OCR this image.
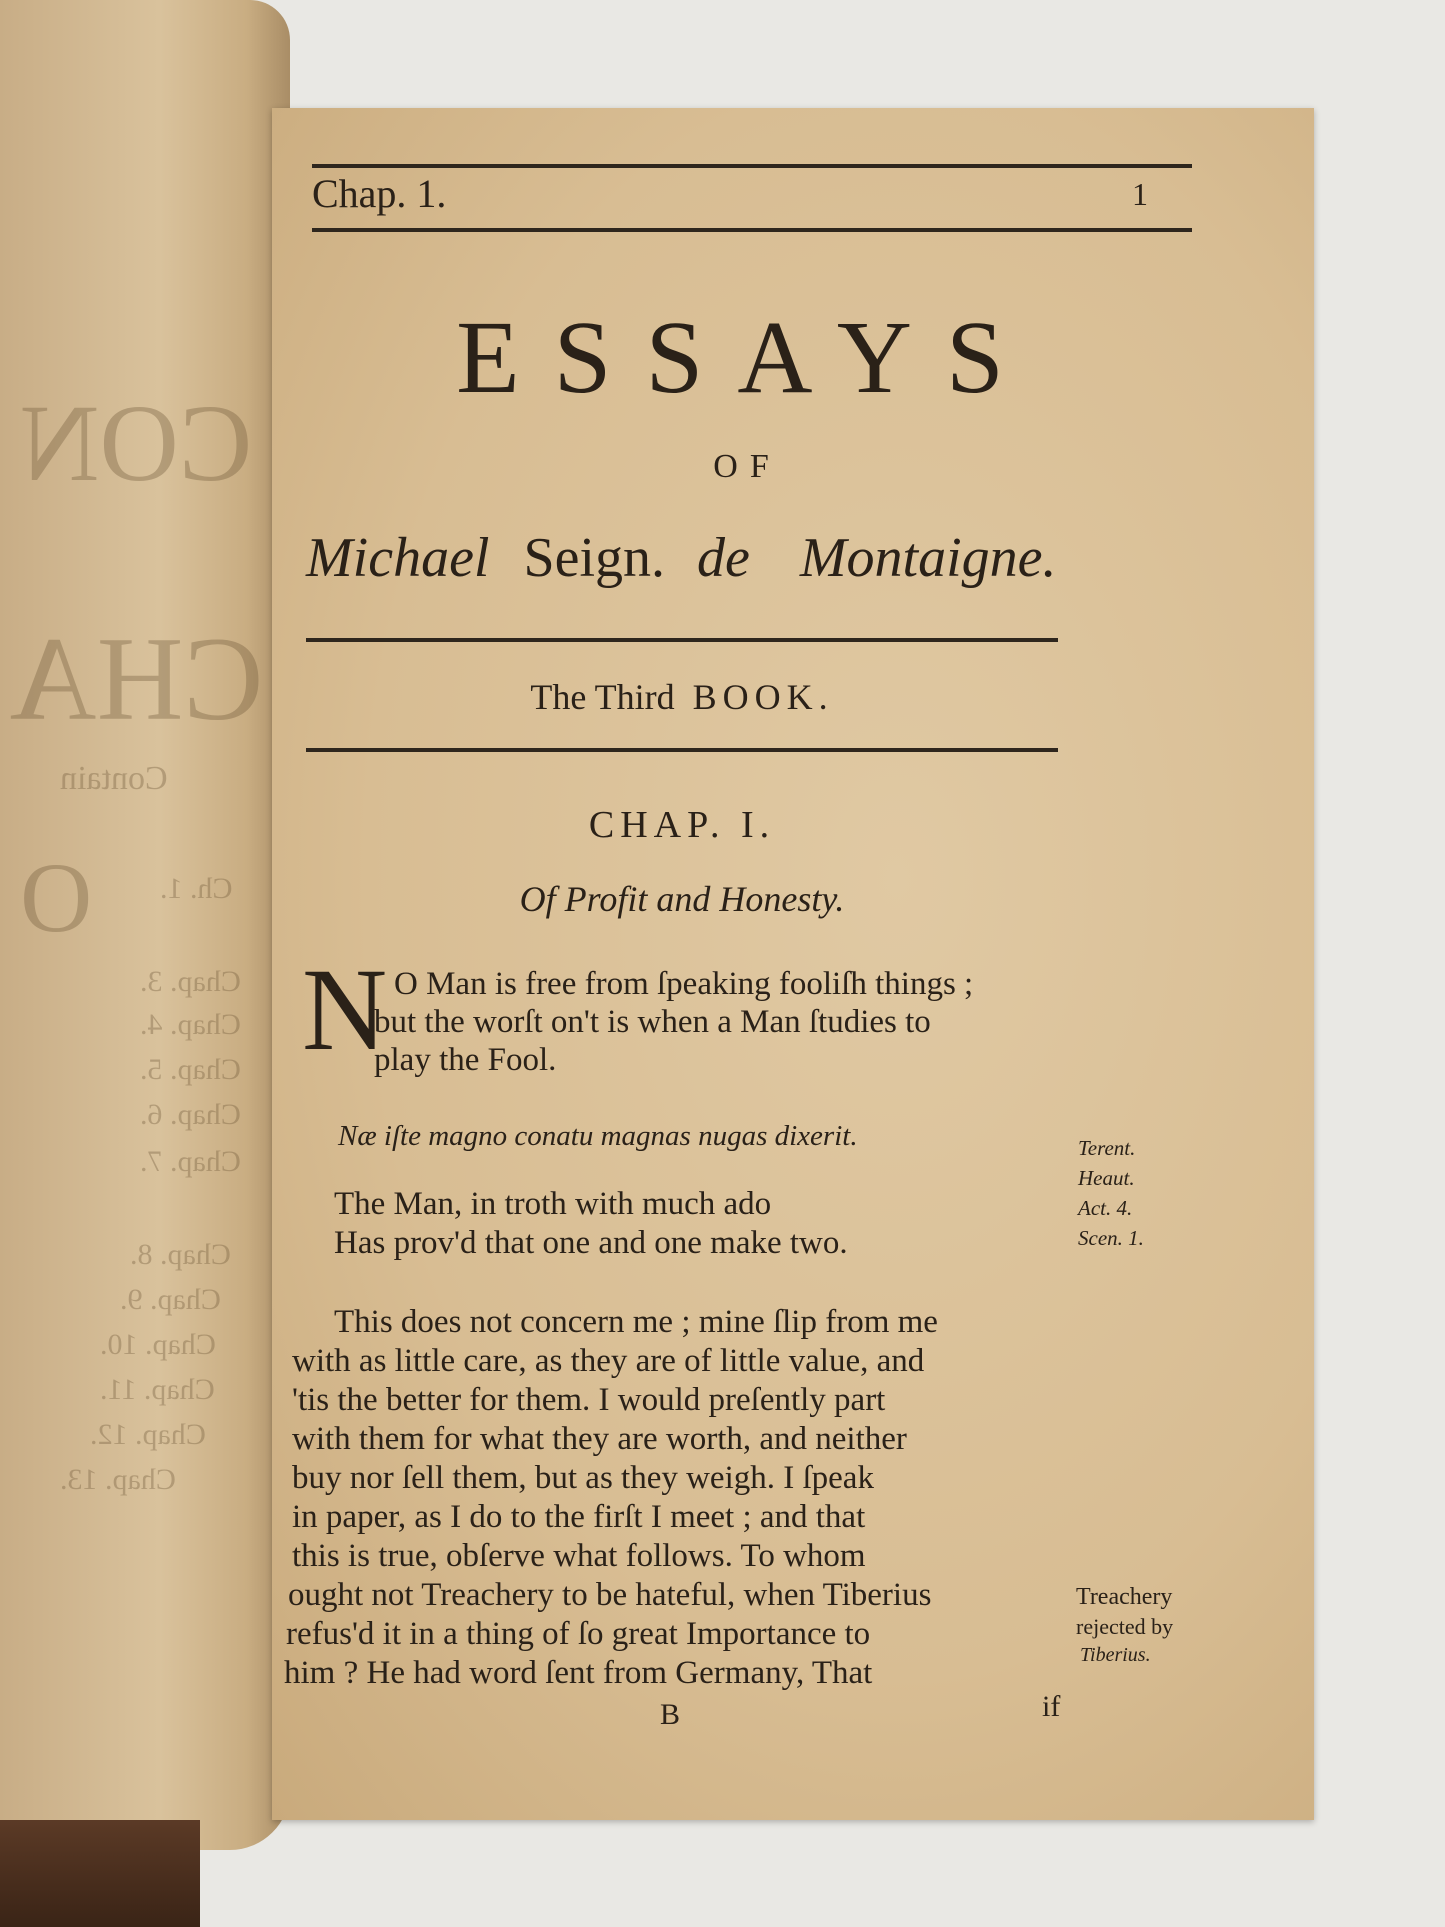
CON
CHA
Contain
O Ch. 1.
Chap. 3.
Chap. 4.
Chap. 5.
Chap. 6.
Chap. 7.
Chap. 8.
Chap. 9.
Chap. 10.
Chap. 11.
Chap. 12.
Chap. 13.
Chap. 1.	1
ESSAYS
OF
Michael Seign. de Montaigne.
The Third BOOK.
CHAP. I.
Of Profit and Honesty.
N O Man is free from ſpeaking fooliſh things ;
but the worſt on't is when a Man ſtudies to
play the Fool.
Næ iſte magno conatu magnas nugas dixerit.
The Man, in troth with much ado
Has prov'd that one and one make two.
Terent.
Heaut.
Act. 4.
Scen. 1.
This does not concern me ; mine ſlip from me
with as little care, as they are of little value, and
'tis the better for them. I would preſently part
with them for what they are worth, and neither
buy nor ſell them, but as they weigh. I ſpeak
in paper, as I do to the firſt I meet ; and that
this is true, obſerve what follows. To whom
ought not Treachery to be hateful, when Tiberius
refus'd it in a thing of ſo great Importance to
him ? He had word ſent from Germany, That
Treachery
rejected by
Tiberius.
B	if
